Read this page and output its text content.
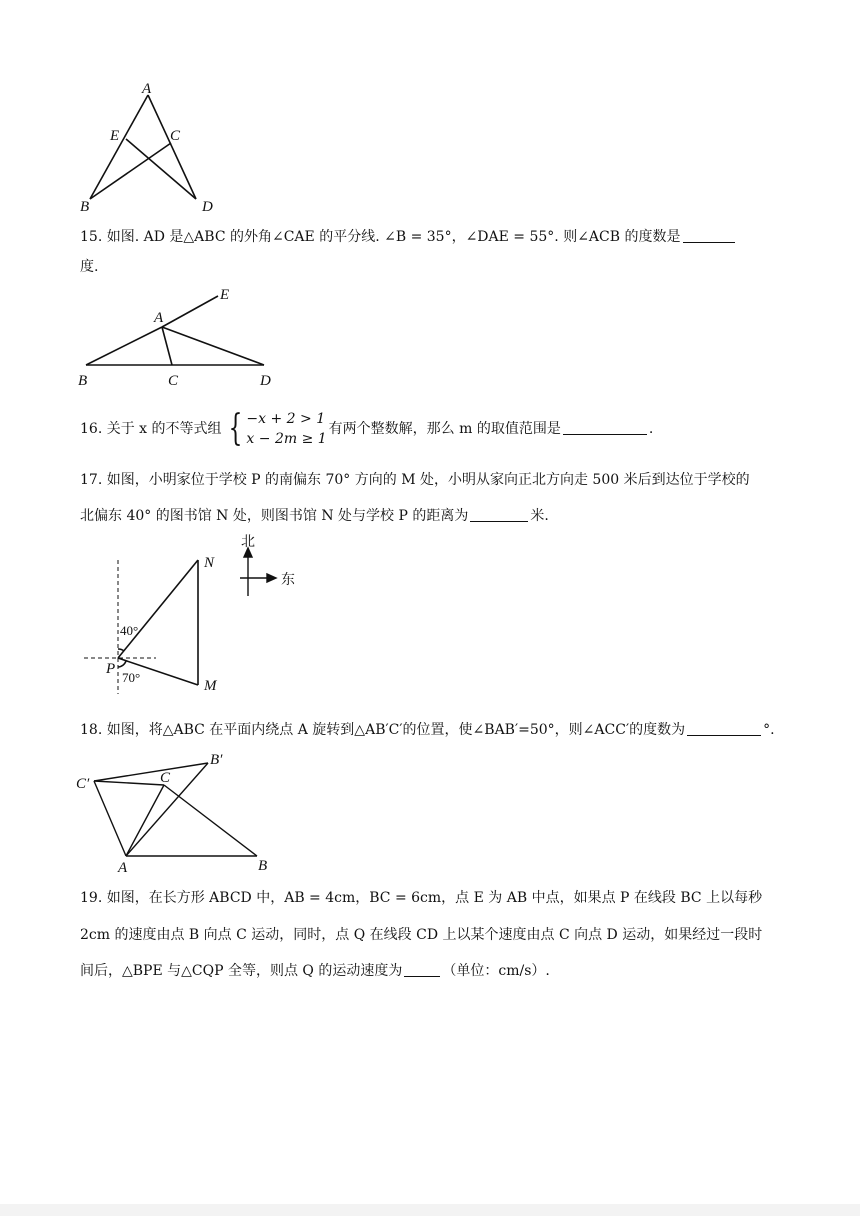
A
E	C
B	D
15. 如图. AD 是△ABC 的外角∠CAE 的平分线. ∠B = 35°，∠DAE = 55°. 则∠ACB 的度数是
度.
E
A
B	C	D
16. 关于 x 的不等式组 { −x + 2 > 1
x − 2m ≥ 1
有两个整数解，那么 m 的取值范围是	.
17. 如图，小明家位于学校 P 的南偏东 70° 方向的 M 处，小明从家向正北方向走 500 米后到达位于学校的
北偏东 40° 的图书馆 N 处，则图书馆 N 处与学校 P 的距离为	米.
N
M
P
40°
70°
北
东
18. 如图，将△ABC 在平面内绕点 A 旋转到△AB′C′的位置，使∠BAB′=50°，则∠ACC′的度数为	°.
C′	C
B′
A	B
19. 如图，在长方形 ABCD 中，AB = 4cm，BC = 6cm，点 E 为 AB 中点，如果点 P 在线段 BC 上以每秒
2cm 的速度由点 B 向点 C 运动，同时，点 Q 在线段 CD 上以某个速度由点 C 向点 D 运动，如果经过一段时
间后，△BPE 与△CQP 全等，则点 Q 的运动速度为	（单位：cm/s）.
